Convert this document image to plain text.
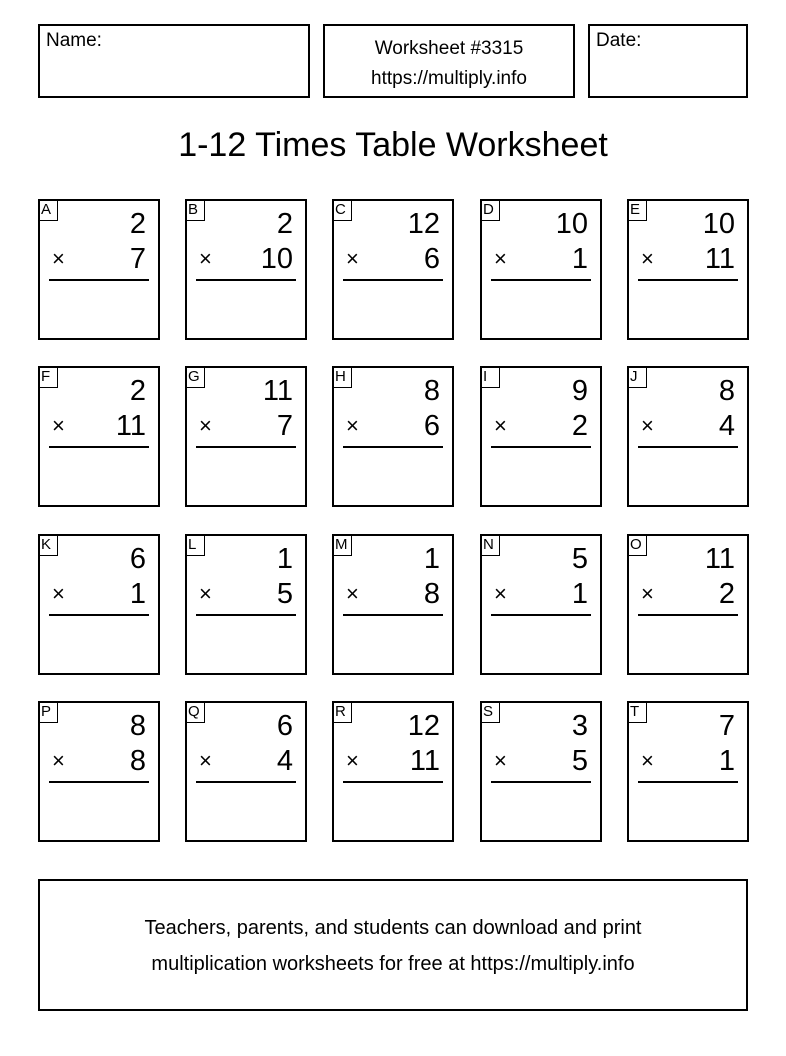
Name:	Worksheet #3315
https://multiply.info
Date:
1-12 Times Table Worksheet
A	2
× 7
B	2
× 10
C 12
× 6
D 10
× 1
E 10
× 11
F	2
× 11
G 11
× 7
H	8
× 6
I	9
× 2
J	8
× 4
K	6
× 1
L	1
× 5
M	1
× 8
N	5
× 1
O 11
× 2
P	8
× 8
Q	6
× 4
R 12
× 11
S	3
× 5
T	7
× 1
Teachers, parents, and students can download and print
multiplication worksheets for free at https://multiply.info
